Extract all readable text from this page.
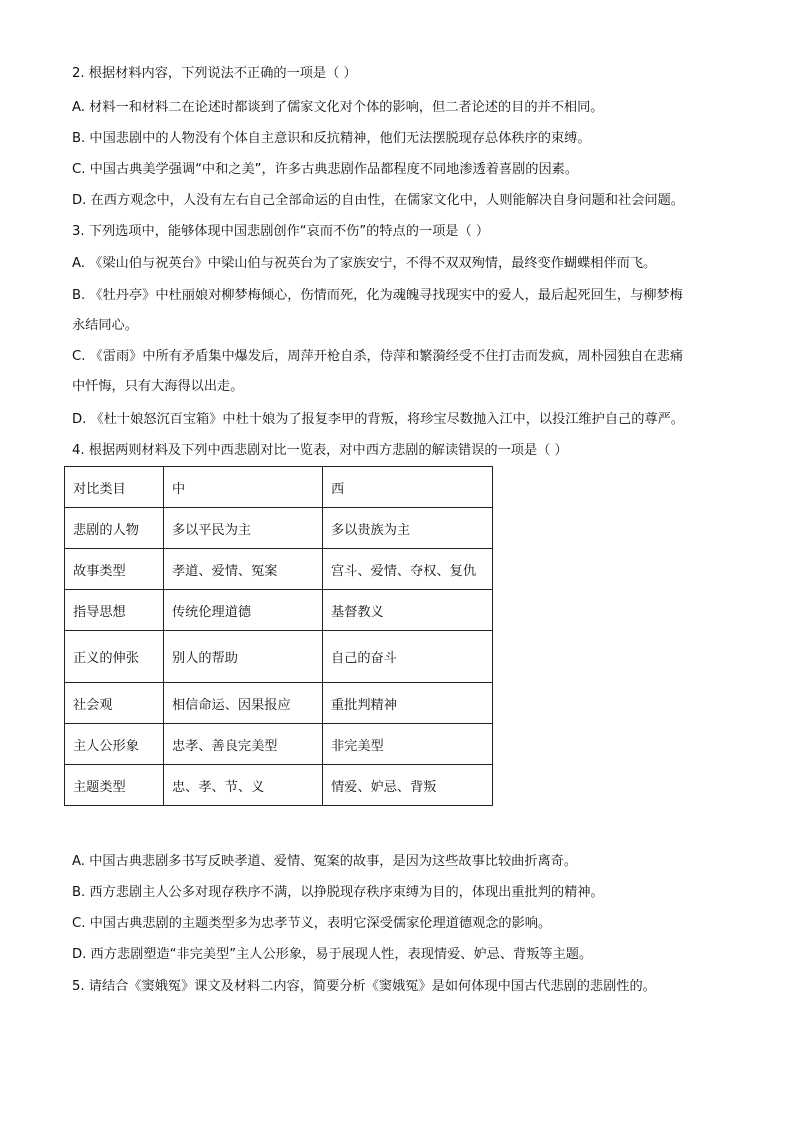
2. 根据材料内容，下列说法不正确的一项是（ ）
A. 材料一和材料二在论述时都谈到了儒家文化对个体的影响，但二者论述的目的并不相同。
B. 中国悲剧中的人物没有个体自主意识和反抗精神，他们无法摆脱现存总体秩序的束缚。
C. 中国古典美学强调“中和之美”，许多古典悲剧作品都程度不同地渗透着喜剧的因素。
D. 在西方观念中，人没有左右自己全部命运的自由性，在儒家文化中，人则能解决自身问题和社会问题。
3. 下列选项中，能够体现中国悲剧创作“哀而不伤”的特点的一项是（ ）
A. 《梁山伯与祝英台》中梁山伯与祝英台为了家族安宁，不得不双双殉情，最终变作蝴蝶相伴而飞。
B. 《牡丹亭》中杜丽娘对柳梦梅倾心，伤情而死，化为魂魄寻找现实中的爱人，最后起死回生，与柳梦梅
永结同心。
C. 《雷雨》中所有矛盾集中爆发后，周萍开枪自杀，侍萍和繁漪经受不住打击而发疯，周朴园独自在悲痛
中忏悔，只有大海得以出走。
D. 《杜十娘怒沉百宝箱》中杜十娘为了报复李甲的背叛，将珍宝尽数抛入江中，以投江维护自己的尊严。
4. 根据两则材料及下列中西悲剧对比一览表，对中西方悲剧的解读错误的一项是（ ）
对比类目	中	西
悲剧的人物	多以平民为主	多以贵族为主
故事类型	孝道、爱情、冤案	宫斗、爱情、夺权、复仇
指导思想	传统伦理道德	基督教义
正义的伸张	别人的帮助	自己的奋斗
社会观	相信命运、因果报应	重批判精神
主人公形象	忠孝、善良完美型	非完美型
主题类型	忠、孝、节、义	情爱、妒忌、背叛
A. 中国古典悲剧多书写反映孝道、爱情、冤案的故事，是因为这些故事比较曲折离奇。
B. 西方悲剧主人公多对现存秩序不满，以挣脱现存秩序束缚为目的，体现出重批判的精神。
C. 中国古典悲剧的主题类型多为忠孝节义，表明它深受儒家伦理道德观念的影响。
D. 西方悲剧塑造“非完美型”主人公形象，易于展现人性，表现情爱、妒忌、背叛等主题。
5. 请结合《窦娥冤》课文及材料二内容，简要分析《窦娥冤》是如何体现中国古代悲剧的悲剧性的。
